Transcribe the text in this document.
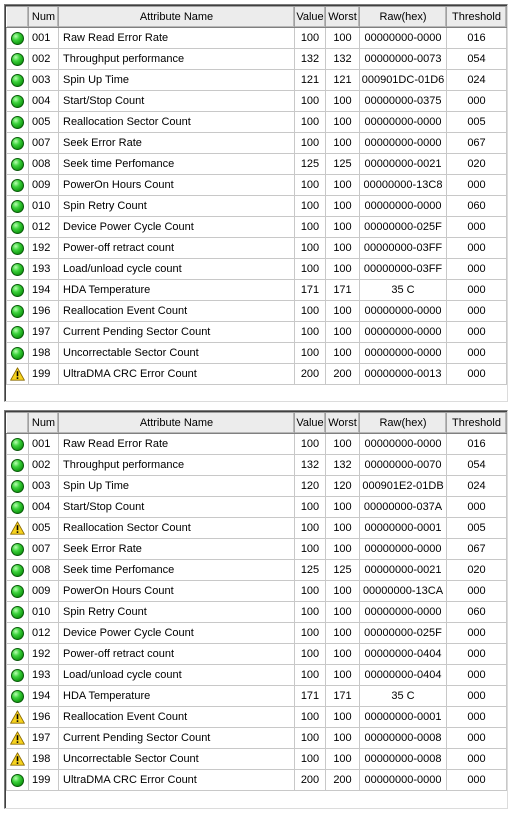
	Num	Attribute Name	Value	Worst	Raw(hex)	Threshold
	001	Raw Read Error Rate	100	100	00000000-0000	016
	002	Throughput performance	132	132	00000000-0073	054
	003	Spin Up Time	121	121	000901DC-01D6	024
	004	Start/Stop Count	100	100	00000000-0375	000
	005	Reallocation Sector Count	100	100	00000000-0000	005
	007	Seek Error Rate	100	100	00000000-0000	067
	008	Seek time Perfomance	125	125	00000000-0021	020
	009	PowerOn Hours Count	100	100	00000000-13C8	000
	010	Spin Retry Count	100	100	00000000-0000	060
	012	Device Power Cycle Count	100	100	00000000-025F	000
	192	Power-off retract count	100	100	00000000-03FF	000
	193	Load/unload cycle count	100	100	00000000-03FF	000
	194	HDA Temperature	171	171	35 C	000
	196	Reallocation Event Count	100	100	00000000-0000	000
	197	Current Pending Sector Count	100	100	00000000-0000	000
	198	Uncorrectable Sector Count	100	100	00000000-0000	000
	199	UltraDMA CRC Error Count	200	200	00000000-0013	000
	Num	Attribute Name	Value	Worst	Raw(hex)	Threshold
	001	Raw Read Error Rate	100	100	00000000-0000	016
	002	Throughput performance	132	132	00000000-0070	054
	003	Spin Up Time	120	120	000901E2-01DB	024
	004	Start/Stop Count	100	100	00000000-037A	000
	005	Reallocation Sector Count	100	100	00000000-0001	005
	007	Seek Error Rate	100	100	00000000-0000	067
	008	Seek time Perfomance	125	125	00000000-0021	020
	009	PowerOn Hours Count	100	100	00000000-13CA	000
	010	Spin Retry Count	100	100	00000000-0000	060
	012	Device Power Cycle Count	100	100	00000000-025F	000
	192	Power-off retract count	100	100	00000000-0404	000
	193	Load/unload cycle count	100	100	00000000-0404	000
	194	HDA Temperature	171	171	35 C	000
	196	Reallocation Event Count	100	100	00000000-0001	000
	197	Current Pending Sector Count	100	100	00000000-0008	000
	198	Uncorrectable Sector Count	100	100	00000000-0008	000
	199	UltraDMA CRC Error Count	200	200	00000000-0000	000
